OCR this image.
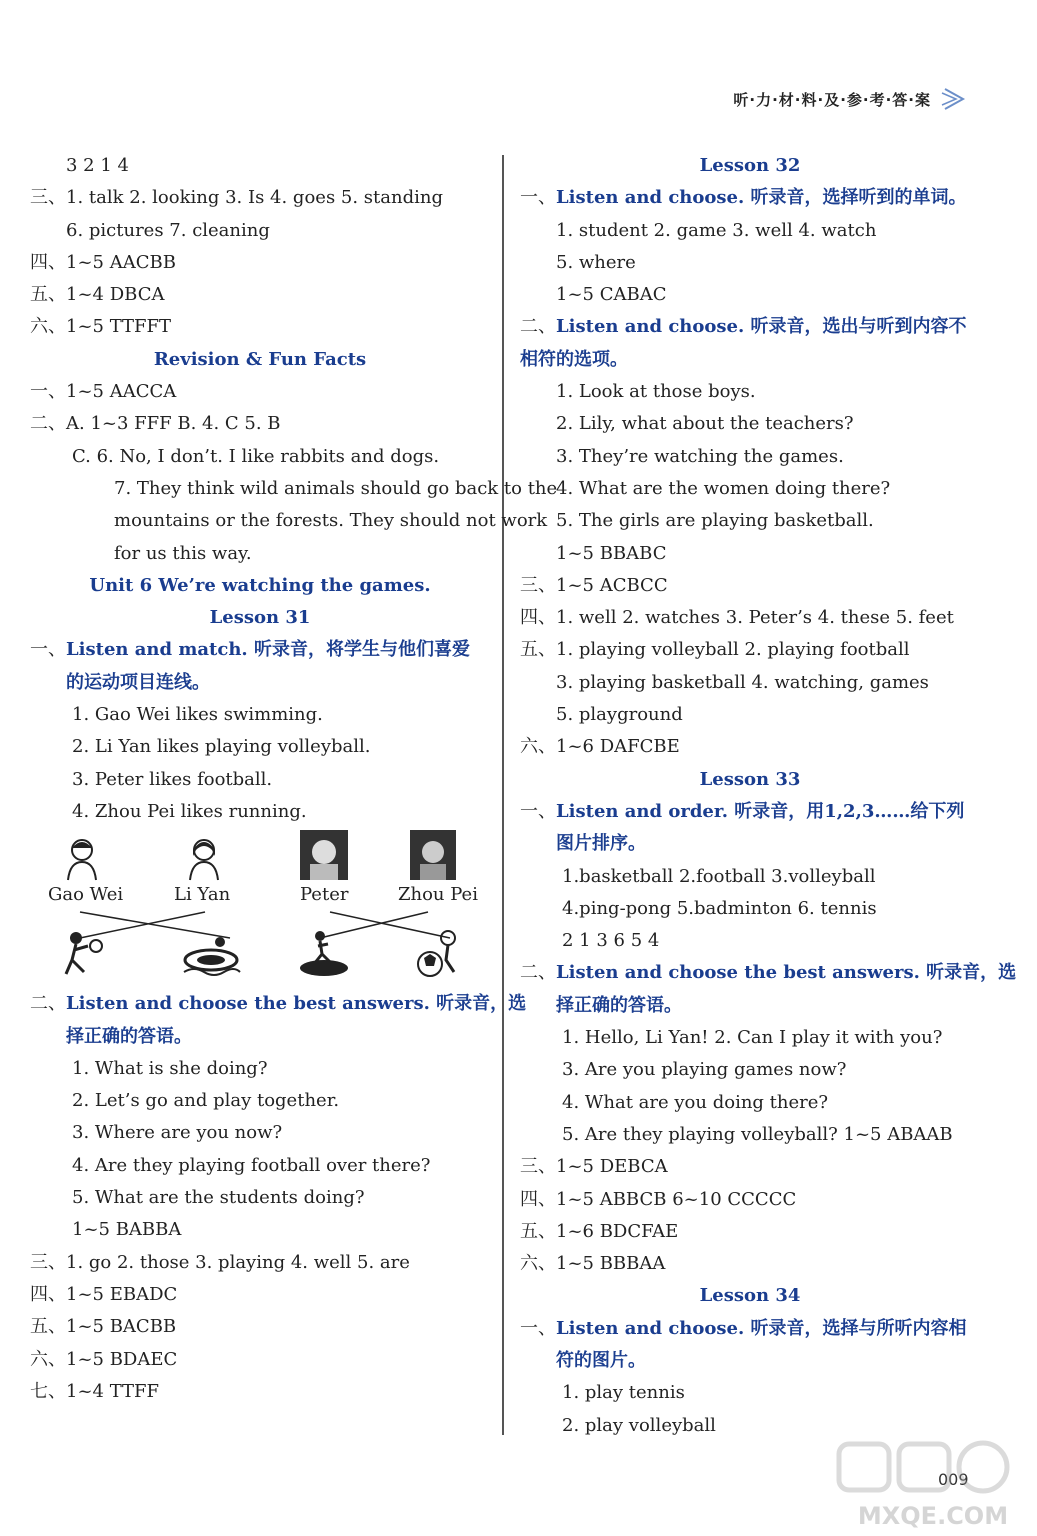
听·力·材·料·及·参·考·答·案
3 2 1 4
三、1. talk 2. looking 3. Is 4. goes 5. standing
6. pictures 7. cleaning
四、1~5 AACBB
五、1~4 DBCA
六、1~5 TTFFT
Revision & Fun Facts
一、1~5 AACCA
二、A. 1~3 FFF B. 4. C 5. B
C. 6. No, I don’t. I like rabbits and dogs.
7. They think wild animals should go back to the
mountains or the forests. They should not work
for us this way.
Unit 6 We’re watching the games.
Lesson 31
一、Listen and match. 听录音，将学生与他们喜爱
的运动项目连线。
1. Gao Wei likes swimming.
2. Li Yan likes playing volleyball.
3. Peter likes football.
4. Zhou Pei likes running.
Gao Wei	Li Yan	Peter	Zhou Pei
二、Listen and choose the best answers. 听录音，选
择正确的答语。
1. What is she doing?
2. Let’s go and play together.
3. Where are you now?
4. Are they playing football over there?
5. What are the students doing?
1~5 BABBA
三、1. go 2. those 3. playing 4. well 5. are
四、1~5 EBADC
五、1~5 BACBB
六、1~5 BDAEC
七、1~4 TTFF
Lesson 32
一、Listen and choose. 听录音，选择听到的单词。
1. student 2. game 3. well 4. watch
5. where
1~5 CABAC
二、Listen and choose. 听录音，选出与听到内容不
相符的选项。
1. Look at those boys.
2. Lily, what about the teachers?
3. They’re watching the games.
4. What are the women doing there?
5. The girls are playing basketball.
1~5 BBABC
三、1~5 ACBCC
四、1. well 2. watches 3. Peter’s 4. these 5. feet
五、1. playing volleyball 2. playing football
3. playing basketball 4. watching, games
5. playground
六、1~6 DAFCBE
Lesson 33
一、Listen and order. 听录音，用1,2,3……给下列
图片排序。
1.basketball 2.football 3.volleyball
4.ping-pong 5.badminton 6. tennis
2 1 3 6 5 4
二、Listen and choose the best answers. 听录音，选
择正确的答语。
1. Hello, Li Yan! 2. Can I play it with you?
3. Are you playing games now?
4. What are you doing there?
5. Are they playing volleyball? 1~5 ABAAB
三、1~5 DEBCA
四、1~5 ABBCB 6~10 CCCCC
五、1~6 BDCFAE
六、1~5 BBBAA
Lesson 34
一、Listen and choose. 听录音，选择与所听内容相
符的图片。
1. play tennis
2. play volleyball
009
MXQE.COM
